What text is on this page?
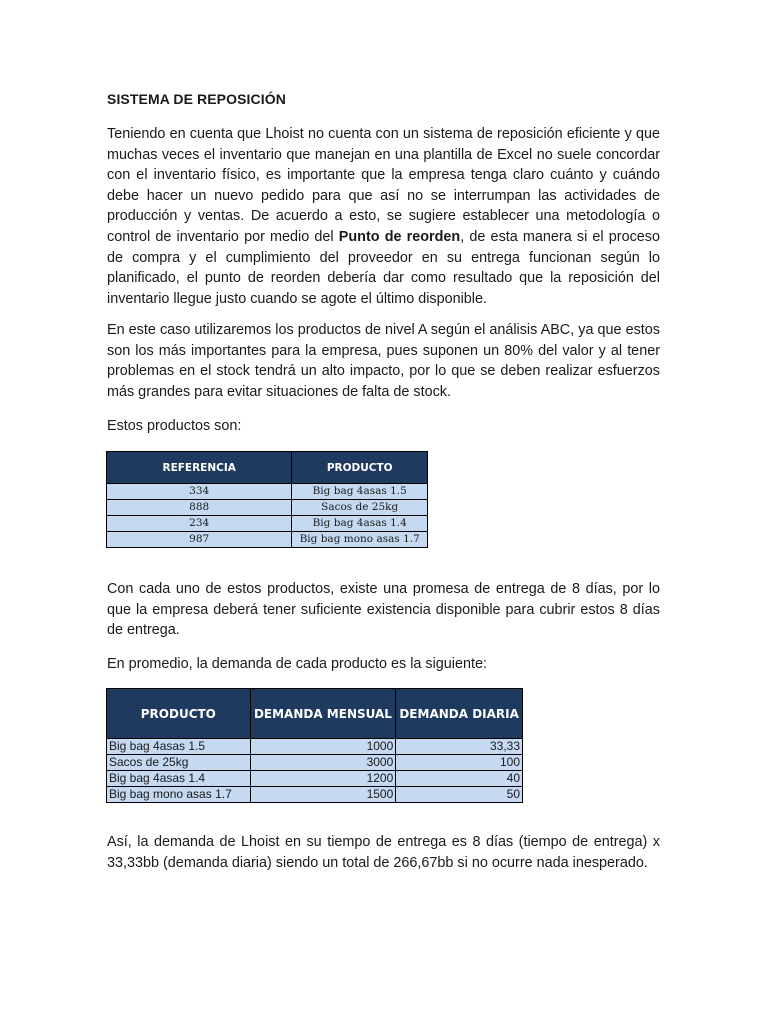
SISTEMA DE REPOSICIÓN

Teniendo en cuenta que Lhoist no cuenta con un sistema de reposición eficiente y que muchas veces el inventario que manejan en una plantilla de Excel no suele concordar con el inventario físico, es importante que la empresa tenga claro cuánto y cuándo debe hacer un nuevo pedido para que así no se interrumpan las actividades de producción y ventas. De acuerdo a esto, se sugiere establecer una metodología o control de inventario por medio del Punto de reorden, de esta manera si el proceso de compra y el cumplimiento del proveedor en su entrega funcionan según lo planificado, el punto de reorden debería dar como resultado que la reposición del inventario llegue justo cuando se agote el último disponible.

En este caso utilizaremos los productos de nivel A según el análisis ABC, ya que estos son los más importantes para la empresa, pues suponen un 80% del valor y al tener problemas en el stock tendrá un alto impacto, por lo que se deben realizar esfuerzos más grandes para evitar situaciones de falta de stock.

Estos productos son:

REFERENCIA	PRODUCTO
334	Big bag 4asas 1.5
888	Sacos de 25kg
234	Big bag 4asas 1.4
987	Big bag mono asas 1.7

Con cada uno de estos productos, existe una promesa de entrega de 8 días, por lo que la empresa deberá tener suficiente existencia disponible para cubrir estos 8 días de entrega.

En promedio, la demanda de cada producto es la siguiente:

PRODUCTO	DEMANDA MENSUAL	DEMANDA DIARIA
Big bag 4asas 1.5	1000	33,33
Sacos de 25kg	3000	100
Big bag 4asas 1.4	1200	40
Big bag mono asas 1.7	1500	50

Así, la demanda de Lhoist en su tiempo de entrega es 8 días (tiempo de entrega) x 33,33bb (demanda diaria) siendo un total de 266,67bb si no ocurre nada inesperado.
